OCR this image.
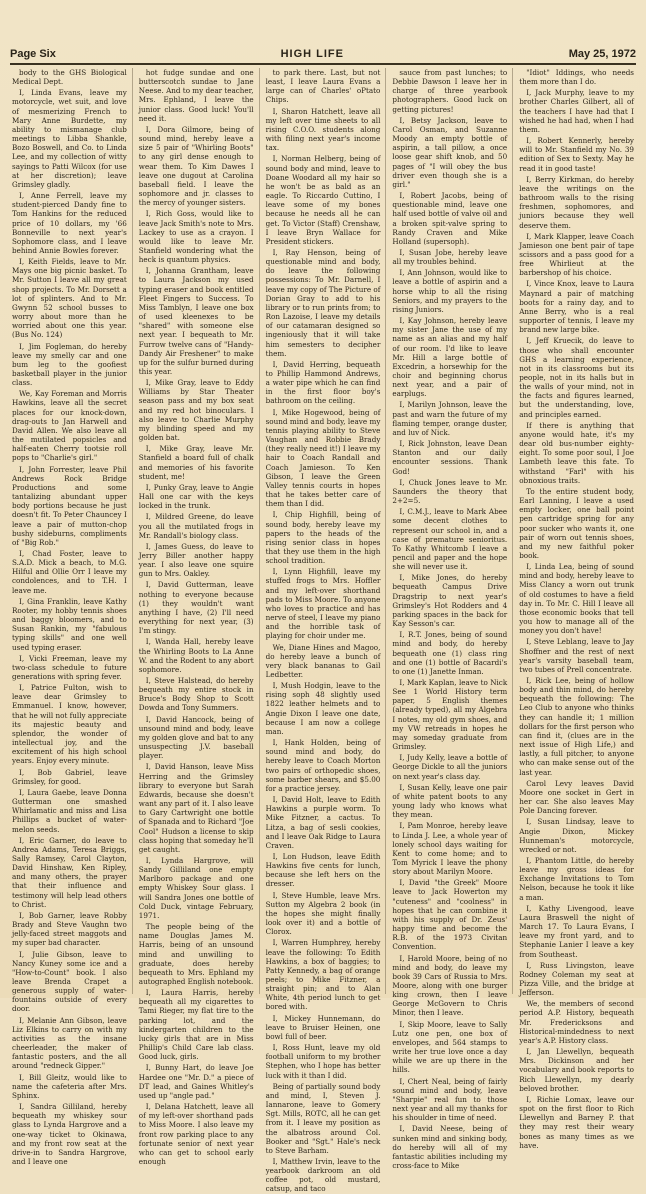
Page Six	HIGH LIFE	May 25, 1972

body to the GHS Biological Medical Dept.

I, Linda Evans, leave my motorcycle, wet suit, and love of mesmerizing French to Mary Anne Burdette, my ability to mismanage club meetings to Libba Shankle, Bozo Boswell, and Co. to Linda Lee, and my collection of witty sayings to Patti Wilcox (for use at her discretion); leave Grimsley gladly.

I, Anne Ferrell, leave my student-pierced Dandy fine to Tom Hankins for the reduced price of 10 dollars, my '66 Bonneville to next year's Sophomore class, and I leave behind Annie Bowles forever.

I, Keith Fields, leave to Mr. Mays one big picnic basket. To Mr. Sutton I leave all my great shop projects. To Mr. Dorsett a lot of splinters. And to Mr. Gwynn 52 school busses to worry about more than he worried about one this year. (Bus No. 124)

I, Jim Fogleman, do hereby leave my smelly car and one bum leg to the goofiest basketball player in the junior class.

We, Kay Foreman and Morris Hawkins, leave all the secret places for our knock-down, drag-outs to Jan Harwell and David Allen. We also leave all the mutilated popsicles and half-eaten Cherry tootsie roll pops to "Charlie's girl."

I, John Forrester, leave Phil Andrews Rock Bridge Productions and some tantalizing abundant upper body portions because he just doesn't fit. To Peter Chauncey I leave a pair of mutton-chop bushy sideburns, compliments of "Big Rob."

I, Chad Foster, leave to S.A.D. Mick a beach, to M.G. Hilful and Ollie Orr I leave my condolences, and to T.H. I leave me.

I, Gina Franklin, leave Kathy Rooter, my hobby tennis shoes and baggy bloomers, and to Susan Rankin, my "fabulous typing skills" and one well used typing eraser.

I, Vicki Freeman, leave my two-class schedule to future generations with spring fever.

I, Patrice Fulton, wish to leave dear Grimsley to Emmanuel. I know, however, that he will not fully appreciate its majestic beauty and splendor, the wonder of intellectual joy, and the excitement of his high school years. Enjoy every minute.

I, Bob Gabriel, leave Grimsley, for good.

I, Laura Gaebe, leave Donna Gutterman one smashed Whirlamatic and miss and Lisa Phillips a bucket of water-melon seeds.

I, Eric Garner, do leave to Andrea Adams, Teresa Briggs, Sally Ramsey, Carol Clayton, David Hinshaw, Ken Ripley, and many others, the prayer that their influence and testimony will help lead others to Christ.

I, Bob Garner, leave Robby Brady and Steve Vaughn two jelly-faced street maggots and my super bad character.

I, Julie Gibson, leave to Nancy Kuney some ice and a "How-to-Count" book. I also leave Brenda Crapet a generous supply of water-fountains outside of every door.

I, Melanie Ann Gibson, leave Liz Elkins to carry on with my activities as the insane cheerleader, the maker of fantastic posters, and the all around "redneck Gipper."

I, Bill Gleitz, would like to name the cafeteria after Mrs. Sphinx.

I, Sandra Gilliland, hereby bequeath my whiskey sour glass to Lynda Hargrove and a one-way ticket to Okinawa, and my front row seat at the drive-in to Sandra Hargrove, and I leave one

hot fudge sundae and one butterscotch sundae to Jane Neese. And to my dear teacher, Mrs. Ephland, I leave the junior class. Good luck! You'll need it.

I, Dora Gilmore, being of sound mind, hereby leave a size 5 pair of "Whirling Boots" to any girl dense enough to wear them. To Kim Dawes I leave one dugout at Carolina baseball field. I leave the sophomore and jr. classes to the mercy of younger sisters.

I, Rich Goss, would like to leave Jack Smith's note to Mrs. Lackey to use as a crayon. I would like to leave Mr. Stanfield wondering what the heck is quantum physics.

I, Johanna Grantham, leave to Laura Jackson my used typing eraser and book entitled Fleet Fingers to Success. To Miss Tamblyn, I leave one box of used kleenexes to be "shared" with someone else next year. I bequeath to Mr. Furrow twelve cans of "Handy-Dandy Air Freshener" to make up for the sulfur burned during this year.

I, Mike Gray, leave to Eddy Williams by Star Theater season pass and my box seat and my red hot binoculars. I also leave to Charlie Murphy my blinding speed and my golden bat.

I, Mike Gray, leave Mr. Stanfield a board full of chalk and memories of his favorite student, me!

I, Punky Gray, leave to Angie Hall one car with the keys locked in the trunk.

I, Mildred Greene, do leave you all the mutilated frogs in Mr. Randall's biology class.

I, James Guess, do leave to Jerry Biller another happy year. I also leave one squire gun to Mrs. Oakley.

I, David Gutterman, leave nothing to everyone because (1) they wouldn't want anything I have, (2) I'll need everything for next year, (3) I'm stingy.

I, Wanda Hall, hereby leave the Whirling Boots to La Anne W. and the Rodent to any abort sophomore.

I, Steve Halstead, do hereby bequeath my entire stock in Bruce's Body Shop to Scott Dowda and Tony Summers.

I, David Hancock, being of unsound mind and body, leave my golden glove and bat to any unsuspecting J.V. baseball player.

I, David Hanson, leave Miss Herring and the Grimsley library to everyone but Sarah Edwards, because she doesn't want any part of it. I also leave to Gary Cartwright one bottle of Spanada and to Richard "Joe Cool" Hudson a license to skip class hoping that someday he'll get caught.

I, Lynda Hargrove, will Sandy Gilliland one empty Marlboro package and one empty Whiskey Sour glass. I will Sandra Jones one bottle of Cold Duck, vintage February, 1971.

The people being of the name Douglas James M. Harris, being of an unsound mind and unwilling to graduate, does hereby bequeath to Mrs. Ephland my autographed English notebook.

I, Laura Harris, hereby bequeath all my cigarettes to Tami Rieger, my flat tire to the parking lot, and the kindergarten children to the lucky girls that are in Miss Phillip's Child Care lab class. Good luck, girls.

I, Bunny Hart, do leave Joe Hardee one "Mr. D." a piece of DT lead, and Gaines Whitley's used up "angle pad."

I, Delana Hatchett, leave all of my left-over shorthand pads to Miss Moore. I also leave my front row parking place to any fortunate senior of next year who can get to school early enough

to park there. Last, but not least, I leave Laura Evans a large can of Charles' oPtato Chips.

I, Sharon Hatchett, leave all my left over time sheets to all rising C.O.O. students along with filing next year's income tax.

I, Norman Helberg, being of sound body and mind, leave to Doane Woodard all my hair so he won't be as bald as an eagle. To Riccardo Cuttino, I leave some of my bones because he needs all he can get. To Victor (Staff) Crenshaw, I leave Bryn Wallace for President stickers.

I, Ray Henson, being of questionable mind and body, do leave the following possessions: To Mr. Darnell, I leave my copy of The Picture of Dorian Gray to add to his library or to run prints from; to Ron Lazoise, I leave my details of our catamaran designed so ingeniously that it will take him semesters to decipher them.

I, David Herring, bequeath to Phillip Hammond Andrews, a water pipe which he can find in the first floor boy's bathroom on the ceiling.

I, Mike Hogewood, being of sound mind and body, leave my tennis playing ability to Steve Vaughan and Robbie Brady (they really need it!) I leave my hair to Coach Randall and Coach Jamieson. To Ken Gibson, I leave the Green Valley tennis courts in hopes that he takes better care of them than I did.

I, Chip Highfill, being of sound body, hereby leave my papers to the heads of the rising senior class in hopes that they use them in the high school tradition.

I, Lynn Highfill, leave my stuffed frogs to Mrs. Hoffler and my left-over shorthand pads to Miss Moore. To anyone who loves to practice and has nerve of steel, I leave my piano and the horrible task of playing for choir under me.

We, Diane Hines and Magoo, do hereby leave a bunch of very black bananas to Gail Ledbetter.

I, Mush Hodgin, leave to the rising soph 48 slightly used 1822 leather helmets and to Angie Dixon I leave one date, because I am now a college man.

I, Hank Holden, being of sound mind and body, do hereby leave to Coach Morton two pairs of orthopedic shoes, some barber shears, and $5.00 for a practice jersey.

I, David Holt, leave to Edith Hawkins a purple worm. To Mike Fitzner, a cactus. To Litza, a bag of sesli cookies, and I leave Oak Ridge to Laura Craven.

I, Lon Hudson, leave Edith Hawkins five cents for lunch, because she left hers on the dresser.

I, Steve Humble, leave Mrs. Sutton my Algebra 2 book (in the hopes she might finally look over it) and a bottle of Clorox.

I, Warren Humphrey, hereby leave the following: To Edith Hawkins, a box of baggies; to Patty Kennedy, a bag of orange peels; to Mike Fitzner, a straight pin; and to Alan White, 4th period lunch to get bored with.

I, Mickey Hunnemann, do leave to Bruiser Heinen, one bowl full of beer.

I, Ross Hunt, leave my old football uniform to my brother Stephen, who I hope has better luck with it than I did.

Being of partially sound body and mind, I, Steven J. Iannarone, leave to Gomery Sgt. Mills, ROTC, all he can get from it. I leave my position as the albatross around Col. Booker and "Sgt." Hale's neck to Steve Barham.

I, Matthew Irvin, leave to the yearbook darkroom an old coffee pot, old mustard, catsup, and taco

sauce from past lunches; to Debbie Dawson I leave her in charge of three yearbook photographers. Good luck on getting pictures!

I, Betsy Jackson, leave to Carol Osman, and Suzanne Moody an empty bottle of aspirin, a tall pillow, a once loose gear shift knob, and 50 pages of "I will obey the bus driver even though she is a girl."

I, Robert Jacobs, being of questionable mind, leave one half used bottle of valve oil and a broken spit-valve spring to Randy Craven and Mike Holland (supersoph).

I, Susan Jobe, hereby leave all my troubles behind.

I, Ann Johnson, would like to leave a bottle of aspirin and a horse whip to all the rising Seniors, and my prayers to the rising Juniors.

I, Kay Johnson, hereby leave my sister Jane the use of my name as an alias and my half of our room. I'd like to leave Mr. Hill a large bottle of Excedrin, a horsewhip for the choir and beginning chorus next year, and a pair of earplugs.

I, Marilyn Johnson, leave the past and warn the future of my flaming temper, orange duster, and luv of Nick.

I, Rick Johnston, leave Dean Stanton and our daily encounter sessions. Thank God!

I, Chuck Jones leave to Mr. Saunders the theory that 2+2=5.

I, C.M.J., leave to Mark Abee some decent clothes to represent our school in, and a case of premature senioritus. To Kathy Whitcomb I leave a pencil and paper and the hope she will never use it.

I, Mike Jones, do hereby bequeath Campus Drive Dragstrip to next year's Grimsley's Hot Rodders and 4 parking spaces in the back for Kay Sesson's car.

I, R.T. Jones, being of sound mind and body, do hereby bequeath one (1) class ring and one (1) bottle of Bacardi's to one (1) Janette Inman.

I, Mark Kaplan, leave to Nick See 1 World History term paper, 5 English themes (already typed), all my Algebra I notes, my old gym shoes, and my VW retreads in hopes he may someday graduate from Grimsley.

I, Judy Kelly, leave a bottle of George Dickle to all the juniors on next year's class day.

I, Susan Kelly, leave one pair of white patent boots to any young lady who knows what they mean.

I, Pam Monroe, hereby leave to Linda J. Lee, a whole year of lonely school days waiting for Kent to come home; and to Tom Myrick I leave the phony story about Marilyn Moore.

I, David "the Greek" Moore leave to Jack Howerton my "cuteness" and "coolness" in hopes that he can combine it with his supply of Dr. Zeus' happy time and become the R.B. of the 1973 Civitan Convention.

I, Harold Moore, being of no mind and body, do leave my book 39 Cars of Russia to Mrs. Moore, along with one burger king crown, then I leave George McGovern to Chris Minor, then I leave.

I, Skip Moore, leave to Sally Lutz one pen, one box of envelopes, and 564 stamps to write her true love once a day while we are up there in the hills.

I, Chert Neal, being of fairly sound mind and body, leave "Sharpie" real fun to those next year and all my thanks for his shoulder in time of need.

I, David Neese, being of sunken mind and sinking body, do hereby will all of my fantastic abilities including my cross-face to Mike

"Idiot" Iddings, who needs them more than I do.

I, Jack Murphy, leave to my brother Charles Gilbert, all of the teachers I have had that I wished he had had, when I had them.

I, Robert Kennerly, hereby will to Mr. Stanfield my No. 39 edition of Sex to Sexty. May he read it in good taste!

I, Berry Kirkman, do hereby leave the writings on the bathroom walls to the rising freshmen, sophomores, and juniors because they well deserve them.

I, Mark Klapper, leave Coach Jamieson one bent pair of tape scissors and a pass good for a free Whirlieut at the barbershop of his choice.

I, Vince Knox, leave to Laura Maynard a pair of matching boots for a rainy day, and to Anne Berry, who is a real supporter of tennis, I leave my brand new large bike.

I, Jeff Kruecik, do leave to those who shall encounter GHS a learning experience, not in its classrooms but its people, not in its halls but in the walls of your mind, not in the facts and figures learned, but the understanding, love, and principles earned.

If there is anything that anyone would hate, it's my dear old bus-number eighty-eight. To some poor soul, I Joe Lambeth leave this fate. To withstand "Farl" with his obnoxious traits.

To the entire student body, Earl Lanning, I leave a used empty locker, one ball point pen cartridge spring for any poor sucker who wants it, one pair of worn out tennis shoes, and my new faithful poker book.

I, Linda Lea, being of sound mind and body, hereby leave to Miss Clancy a worn out trunk of old costumes to have a field day in. To Mr. C. Hill I leave all those economic books that tell you how to manage all of the money you don't have!

I, Steve Leblang, leave to Jay Shoffner and the rest of next year's varsity baseball team, two tubes of Prell concentrate.

I, Rick Lee, being of hollow body and thin mind, do hereby bequeath the following: The Leo Club to anyone who thinks they can handle it; 1 million dollars for the first person who can find it, (clues are in the next issue of High Life,) and lastly, a full pitcher, to anyone who can make sense out of the last year.

Carol Levy leaves David Moore one socket in Gert in her car. She also leaves May Pole Dancing forever.

I, Susan Lindsay, leave to Angie Dixon, Mickey Hunneman's motorcycle, wrecked or not.

I, Phantom Little, do hereby leave my gross ideas for Exchange Invitations to Tom Nelson, because he took it like a man.

I, Kathy Livengood, leave Laura Braswell the night of March 17. To Laura Evans, I leave my front yard, and to Stephanie Lanier I leave a key from Southeast.

I, Russ Livingston, leave Rodney Coleman my seat at Pizza Ville, and the bridge at Jefferson.

We, the members of second period A.P. History, bequeath Mr. Fredericksons and Historical-mindedness to next year's A.P. History class.

I, Jan Llewellyn, bequeath Mrs. Dickinson and her vocabulary and book reports to Rich Llewellyn, my dearly beloved brother.

I, Richie Lomax, leave our spot on the first floor to Rich Llewellyn and Barney P. that they may rest their weary bones as many times as we have.
